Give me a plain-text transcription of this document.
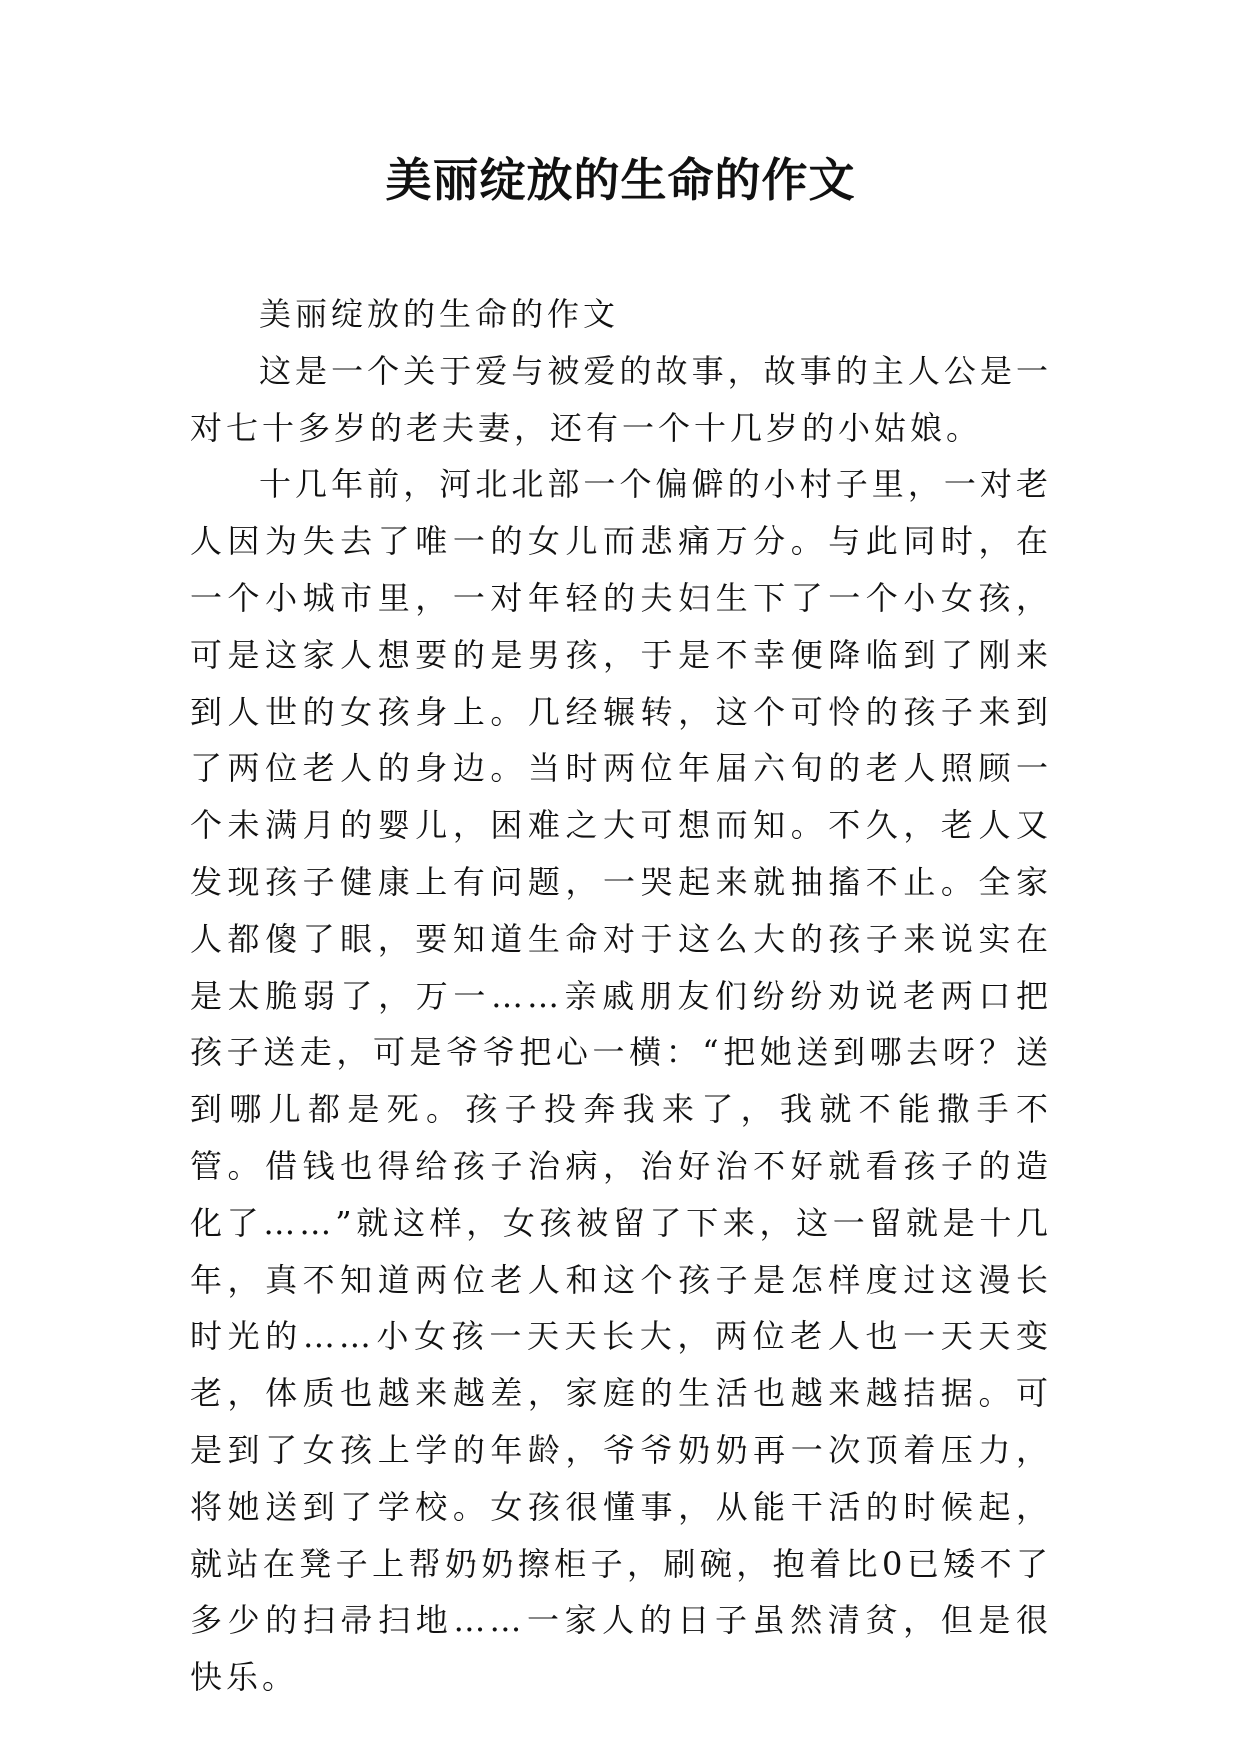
美丽绽放的生命的作文

美丽绽放的生命的作文

这是一个关于爱与被爱的故事，故事的主人公是一对七十多岁的老夫妻，还有一个十几岁的小姑娘。

十几年前，河北北部一个偏僻的小村子里，一对老人因为失去了唯一的女儿而悲痛万分。与此同时，在一个小城市里，一对年轻的夫妇生下了一个小女孩，可是这家人想要的是男孩，于是不幸便降临到了刚来到人世的女孩身上。几经辗转，这个可怜的孩子来到了两位老人的身边。当时两位年届六旬的老人照顾一个未满月的婴儿，困难之大可想而知。不久，老人又发现孩子健康上有问题，一哭起来就抽搐不止。全家人都傻了眼，要知道生命对于这么大的孩子来说实在是太脆弱了，万一……亲戚朋友们纷纷劝说老两口把孩子送走，可是爷爷把心一横：“把她送到哪去呀？送到哪儿都是死。孩子投奔我来了，我就不能撒手不管。借钱也得给孩子治病，治好治不好就看孩子的造化了……”就这样，女孩被留了下来，这一留就是十几年，真不知道两位老人和这个孩子是怎样度过这漫长时光的……小女孩一天天长大，两位老人也一天天变老，体质也越来越差，家庭的生活也越来越拮据。可是到了女孩上学的年龄，爷爷奶奶再一次顶着压力，将她送到了学校。女孩很懂事，从能干活的时候起，就站在凳子上帮奶奶擦柜子，刷碗，抱着比0已矮不了多少的扫帚扫地……一家人的日子虽然清贫，但是很快乐。
